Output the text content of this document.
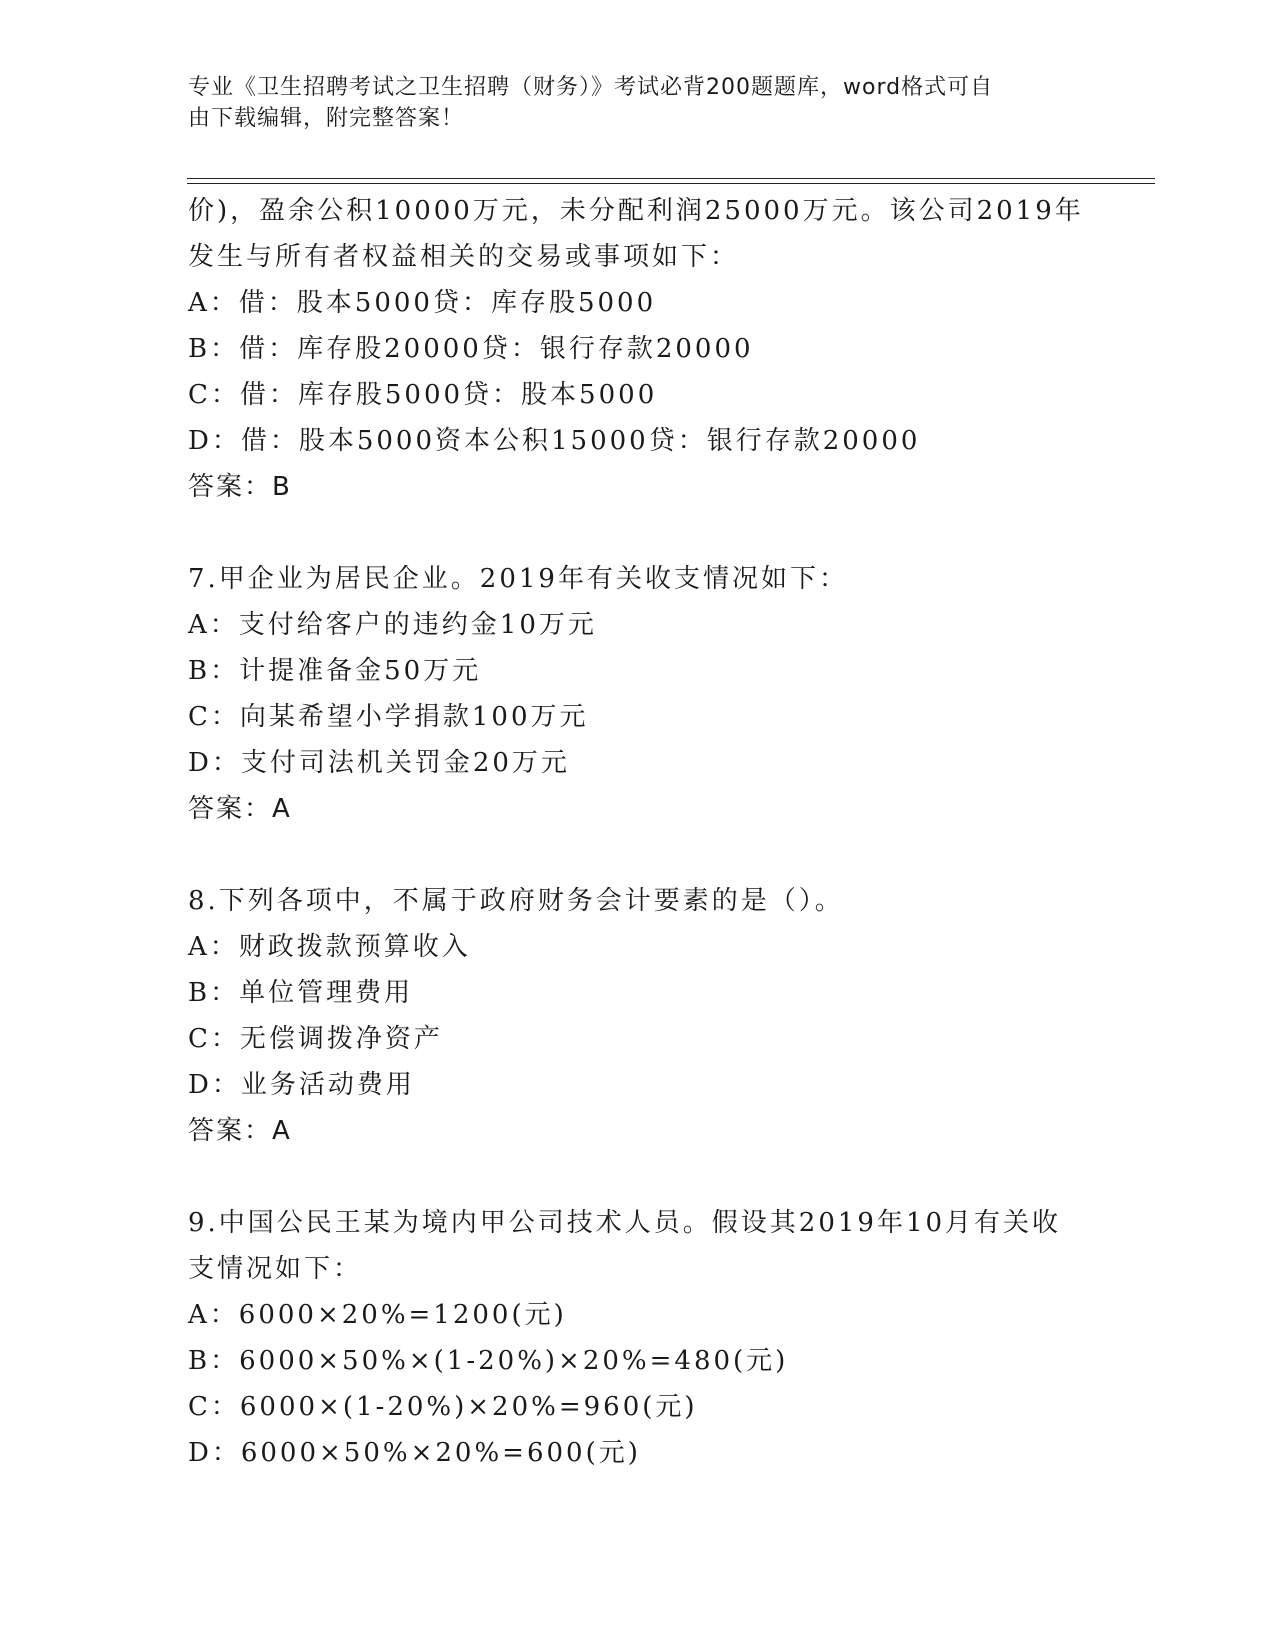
专业《卫生招聘考试之卫生招聘（财务）》考试必背200题题库，word格式可自
由下载编辑，附完整答案！
价)，盈余公积10000万元，未分配利润25000万元。该公司2019年
发生与所有者权益相关的交易或事项如下：
A：借：股本5000贷：库存股5000
B：借：库存股20000贷：银行存款20000
C：借：库存股5000贷：股本5000
D：借：股本5000资本公积15000贷：银行存款20000
答案：B
7.甲企业为居民企业。2019年有关收支情况如下：
A：支付给客户的违约金10万元
B：计提准备金50万元
C：向某希望小学捐款100万元
D：支付司法机关罚金20万元
答案：A
8.下列各项中，不属于政府财务会计要素的是（）。
A：财政拨款预算收入
B：单位管理费用
C：无偿调拨净资产
D：业务活动费用
答案：A
9.中国公民王某为境内甲公司技术人员。假设其2019年10月有关收
支情况如下：
A：6000×20%=1200(元)
B：6000×50%×(1-20%)×20%=480(元)
C：6000×(1-20%)×20%=960(元)
D：6000×50%×20%=600(元)
